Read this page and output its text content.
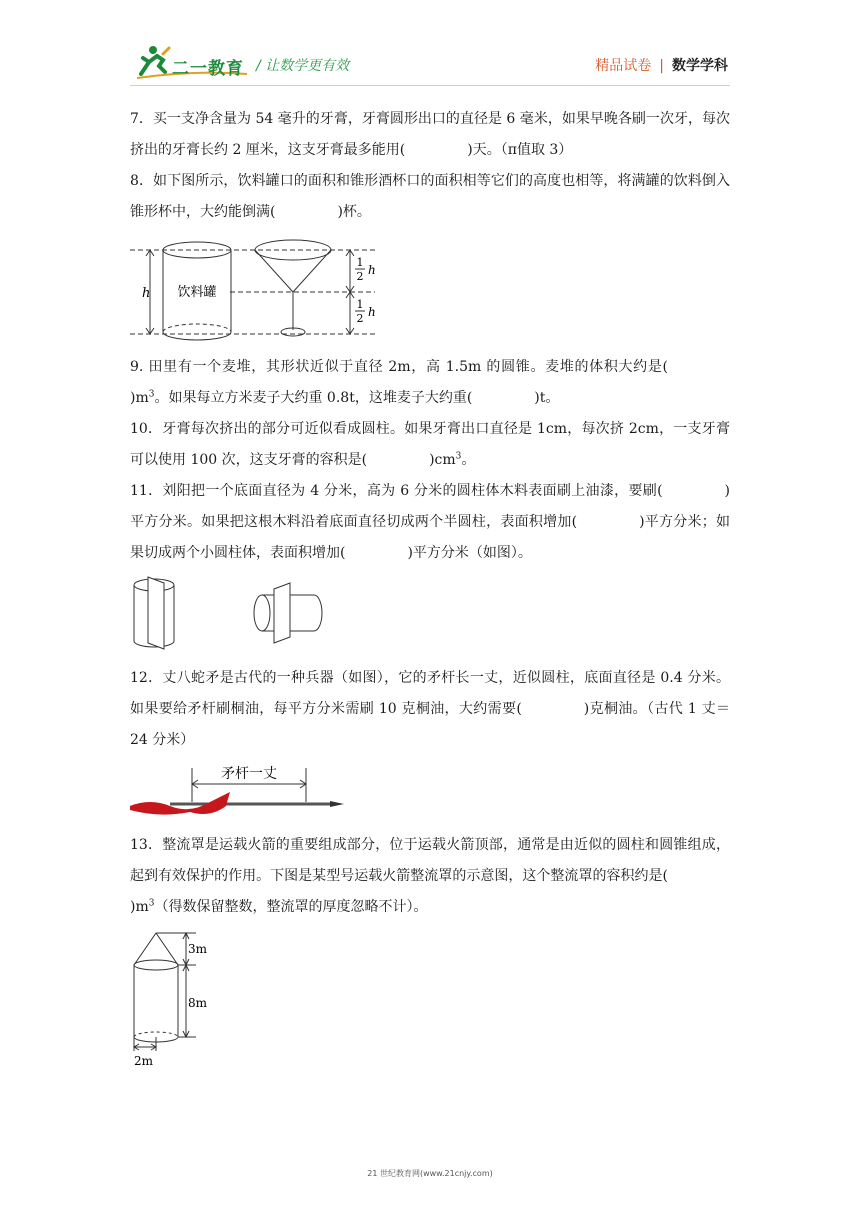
二一教育 / 让数学更有效	精品试卷 | 数学学科

7．买一支净含量为 54 毫升的牙膏，牙膏圆形出口的直径是 6 毫米，如果早晚各刷一次牙，每次挤出的牙膏长约 2 厘米，这支牙膏最多能用(	)天。（π值取 3）

8．如下图所示，饮料罐口的面积和锥形酒杯口的面积相等它们的高度也相等，将满罐的饮料倒入锥形杯中，大约能倒满(	)杯。

h 饮料罐
1
2 h
1
2 h

9. 田里有一个麦堆，其形状近似于直径 2m，高 1.5m 的圆锥。麦堆的体积大约是$()m^3$。如果每立方米麦子大约重 0.8t，这堆麦子大约重(	)t。

10．牙膏每次挤出的部分可近似看成圆柱。如果牙膏出口直径是 1cm，每次挤 2cm，一支牙膏可以使用 100 次，这支牙膏的容积是(	)$cm^3$。

11．刘阳把一个底面直径为 4 分米，高为 6 分米的圆柱体木料表面刷上油漆，要刷(	)平方分米。如果把这根木料沿着底面直径切成两个半圆柱，表面积增加(	)平方分米；如果切成两个小圆柱体，表面积增加(	)平方分米（如图）。

12．丈八蛇矛是古代的一种兵器（如图），它的矛杆长一丈，近似圆柱，底面直径是 0.4 分米。如果要给矛杆刷桐油，每平方分米需刷 10 克桐油，大约需要(	)克桐油。（古代 1 丈＝24 分米）

矛杆一丈

13．整流罩是运载火箭的重要组成部分，位于运载火箭顶部，通常是由近似的圆柱和圆锥组成，起到有效保护的作用。下图是某型号运载火箭整流罩的示意图，这个整流罩的容积约是$()m^3$（得数保留整数，整流罩的厚度忽略不计）。

3m
8m
2m
21 世纪教育网(www.21cnjy.com)
